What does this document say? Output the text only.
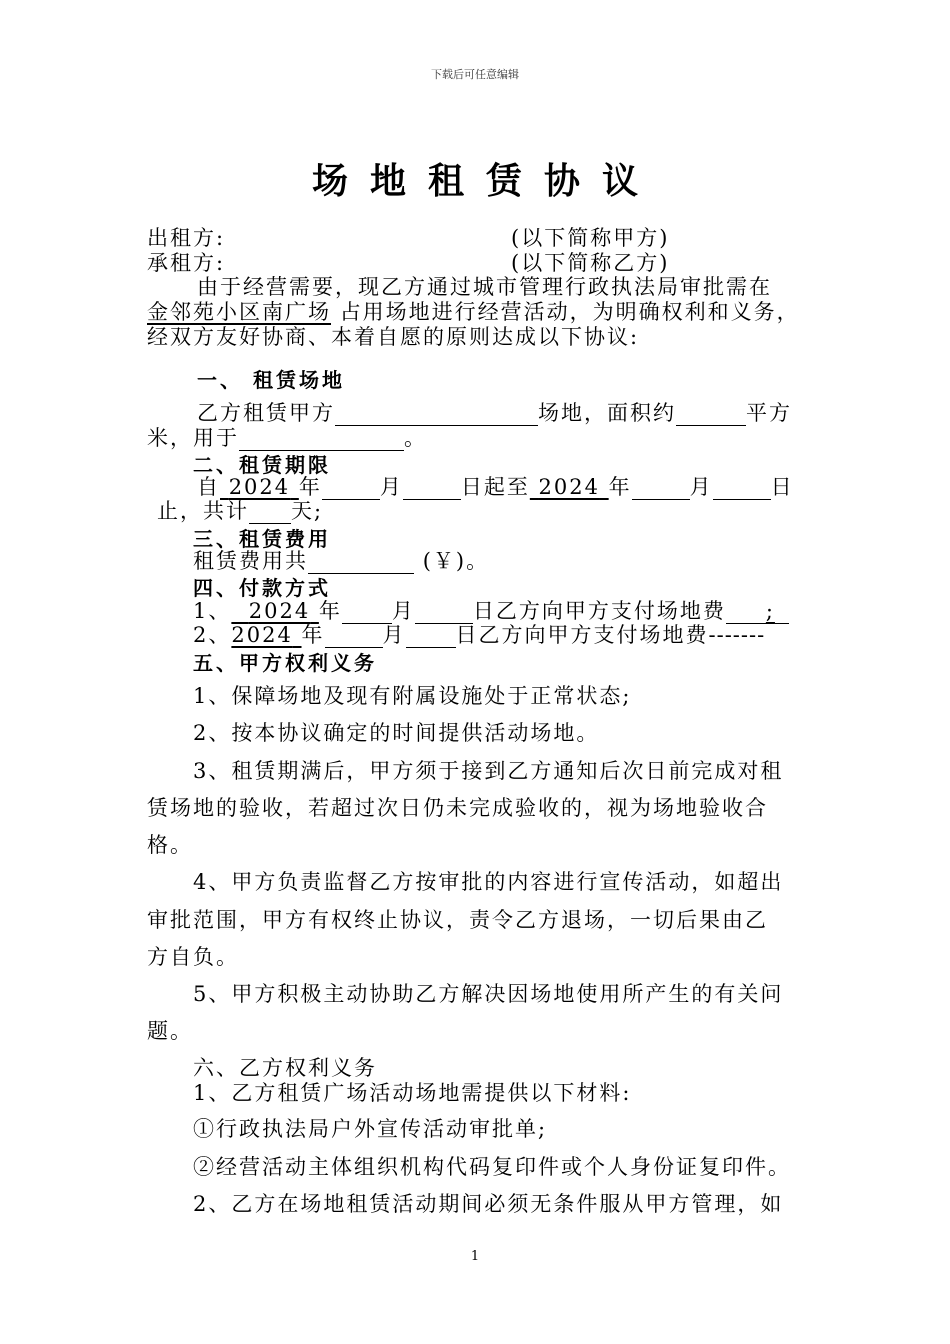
下载后可任意编辑
场地租赁协议
出租方:	(以下简称甲方)
承租方:	(以下简称乙方)
由于经营需要，现乙方通过城市管理行政执法局审批需在
金邻苑小区南广场 占用场地进行经营活动，为明确权利和义务，
经双方友好协商、本着自愿的原则达成以下协议:
一、 租赁场地
乙方租赁甲方	场地，面积约	平方
米，用于	。
二、租赁期限
自 2024 年	月	日起至 2024 年	月	日
止，共计 天;
三、租赁费用
租赁费用共	(￥)。
四、付款方式
1、 2024 年 月	日乙方向甲方支付场地费 ;
2、2024 年	月 日乙方向甲方支付场地费-------
五、甲方权利义务
1、保障场地及现有附属设施处于正常状态;
2、按本协议确定的时间提供活动场地。
3、租赁期满后，甲方须于接到乙方通知后次日前完成对租
赁场地的验收，若超过次日仍未完成验收的，视为场地验收合
格。
4、甲方负责监督乙方按审批的内容进行宣传活动，如超出
审批范围，甲方有权终止协议，责令乙方退场，一切后果由乙
方自负。
5、甲方积极主动协助乙方解决因场地使用所产生的有关问
题。
六、乙方权利义务
1、乙方租赁广场活动场地需提供以下材料:
①行政执法局户外宣传活动审批单;
②经营活动主体组织机构代码复印件或个人身份证复印件。
2、乙方在场地租赁活动期间必须无条件服从甲方管理，如
1
